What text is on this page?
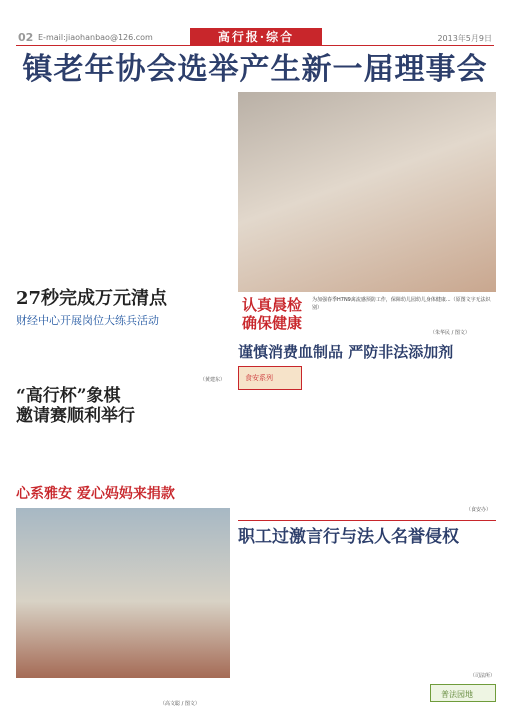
02 E-mail:jiaohanbao@126.com	高行报·综合	2013年5月9日
镇老年协会选举产生新一届理事会
认真晨检确保健康
为加强春季H7N9禽流感预防工作，保障幼儿园幼儿身体健康...（原图文字无法识别）
（朱华民 / 图文）
27秒完成万元清点
财经中心开展岗位大练兵活动
（黄建东）
“高行杯”象棋
邀请赛顺利举行
心系雅安 爱心妈妈来捐款
（高文聪 / 图文）
谨慎消费血制品 严防非法添加剂
食安系列
（食安办）
职工过激言行与法人名誉侵权
普法园地
（司法所）
